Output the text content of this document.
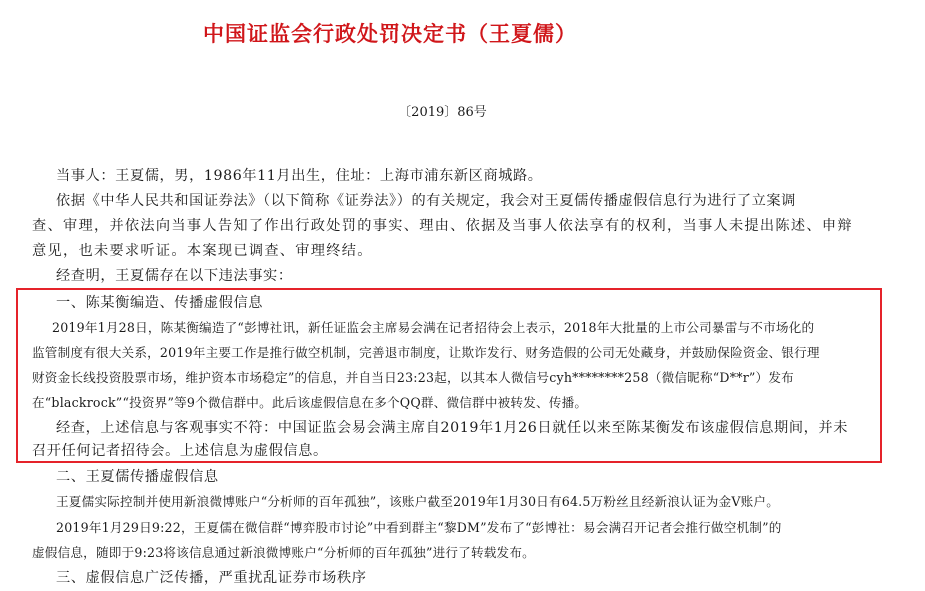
中国证监会行政处罚决定书（王夏儒）
〔2019〕86号
当事人：王夏儒，男，1986年11月出生，住址：上海市浦东新区商城路。
依据《中华人民共和国证券法》（以下简称《证券法》）的有关规定，我会对王夏儒传播虚假信息行为进行了立案调
查、审理，并依法向当事人告知了作出行政处罚的事实、理由、依据及当事人依法享有的权利，当事人未提出陈述、申辩
意见，也未要求听证。本案现已调查、审理终结。
经查明，王夏儒存在以下违法事实：
一、陈某衡编造、传播虚假信息
2019年1月28日，陈某衡编造了“彭博社讯，新任证监会主席易会满在记者招待会上表示，2018年大批量的上市公司暴雷与不市场化的
监管制度有很大关系，2019年主要工作是推行做空机制，完善退市制度，让欺诈发行、财务造假的公司无处藏身，并鼓励保险资金、银行理
财资金长线投资股票市场，维护资本市场稳定”的信息，并自当日23:23起，以其本人微信号cyh********258（微信昵称“D**r”）发布
在“blackrock”“投资界”等9个微信群中。此后该虚假信息在多个QQ群、微信群中被转发、传播。
经查，上述信息与客观事实不符：中国证监会易会满主席自2019年1月26日就任以来至陈某衡发布该虚假信息期间，并未
召开任何记者招待会。上述信息为虚假信息。
二、王夏儒传播虚假信息
王夏儒实际控制并使用新浪微博账户“分析师的百年孤独”，该账户截至2019年1月30日有64.5万粉丝且经新浪认证为金V账户。
2019年1月29日9:22，王夏儒在微信群“博弈股市讨论”中看到群主“黎DM”发布了“彭博社：易会满召开记者会推行做空机制”的
虚假信息，随即于9:23将该信息通过新浪微博账户“分析师的百年孤独”进行了转载发布。
三、虚假信息广泛传播，严重扰乱证券市场秩序
